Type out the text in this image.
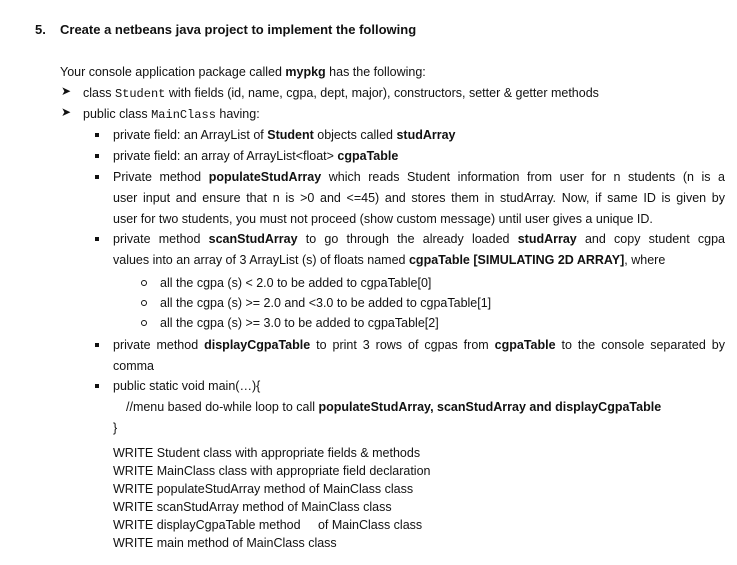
5. Create a netbeans java project to implement the following
Your console application package called mypkg has the following:
➤ class Student with fields (id, name, cgpa, dept, major), constructors, setter & getter methods
➤ public class MainClass having:
private field: an ArrayList of Student objects called studArray
private field: an array of ArrayList<float> cgpaTable
Private method populateStudArray which reads Student information from user for n students (n is a
user input and ensure that n is >0 and <=45) and stores them in studArray. Now, if same ID is given by
user for two students, you must not proceed (show custom message) until user gives a unique ID.
private method scanStudArray to go through the already loaded studArray and copy student cgpa
values into an array of 3 ArrayList (s) of floats named cgpaTable [SIMULATING 2D ARRAY], where
all the cgpa (s) < 2.0 to be added to cgpaTable[0]
all the cgpa (s) >= 2.0 and <3.0 to be added to cgpaTable[1]
all the cgpa (s) >= 3.0 to be added to cgpaTable[2]
private method displayCgpaTable to print 3 rows of cgpas from cgpaTable to the console separated by
comma
public static void main(…){
//menu based do-while loop to call populateStudArray, scanStudArray and displayCgpaTable
}
WRITE Student class with appropriate fields & methods
WRITE MainClass class with appropriate field declaration
WRITE populateStudArray method of MainClass class
WRITE scanStudArray method of MainClass class
WRITE displayCgpaTable method     of MainClass class
WRITE main method of MainClass class
